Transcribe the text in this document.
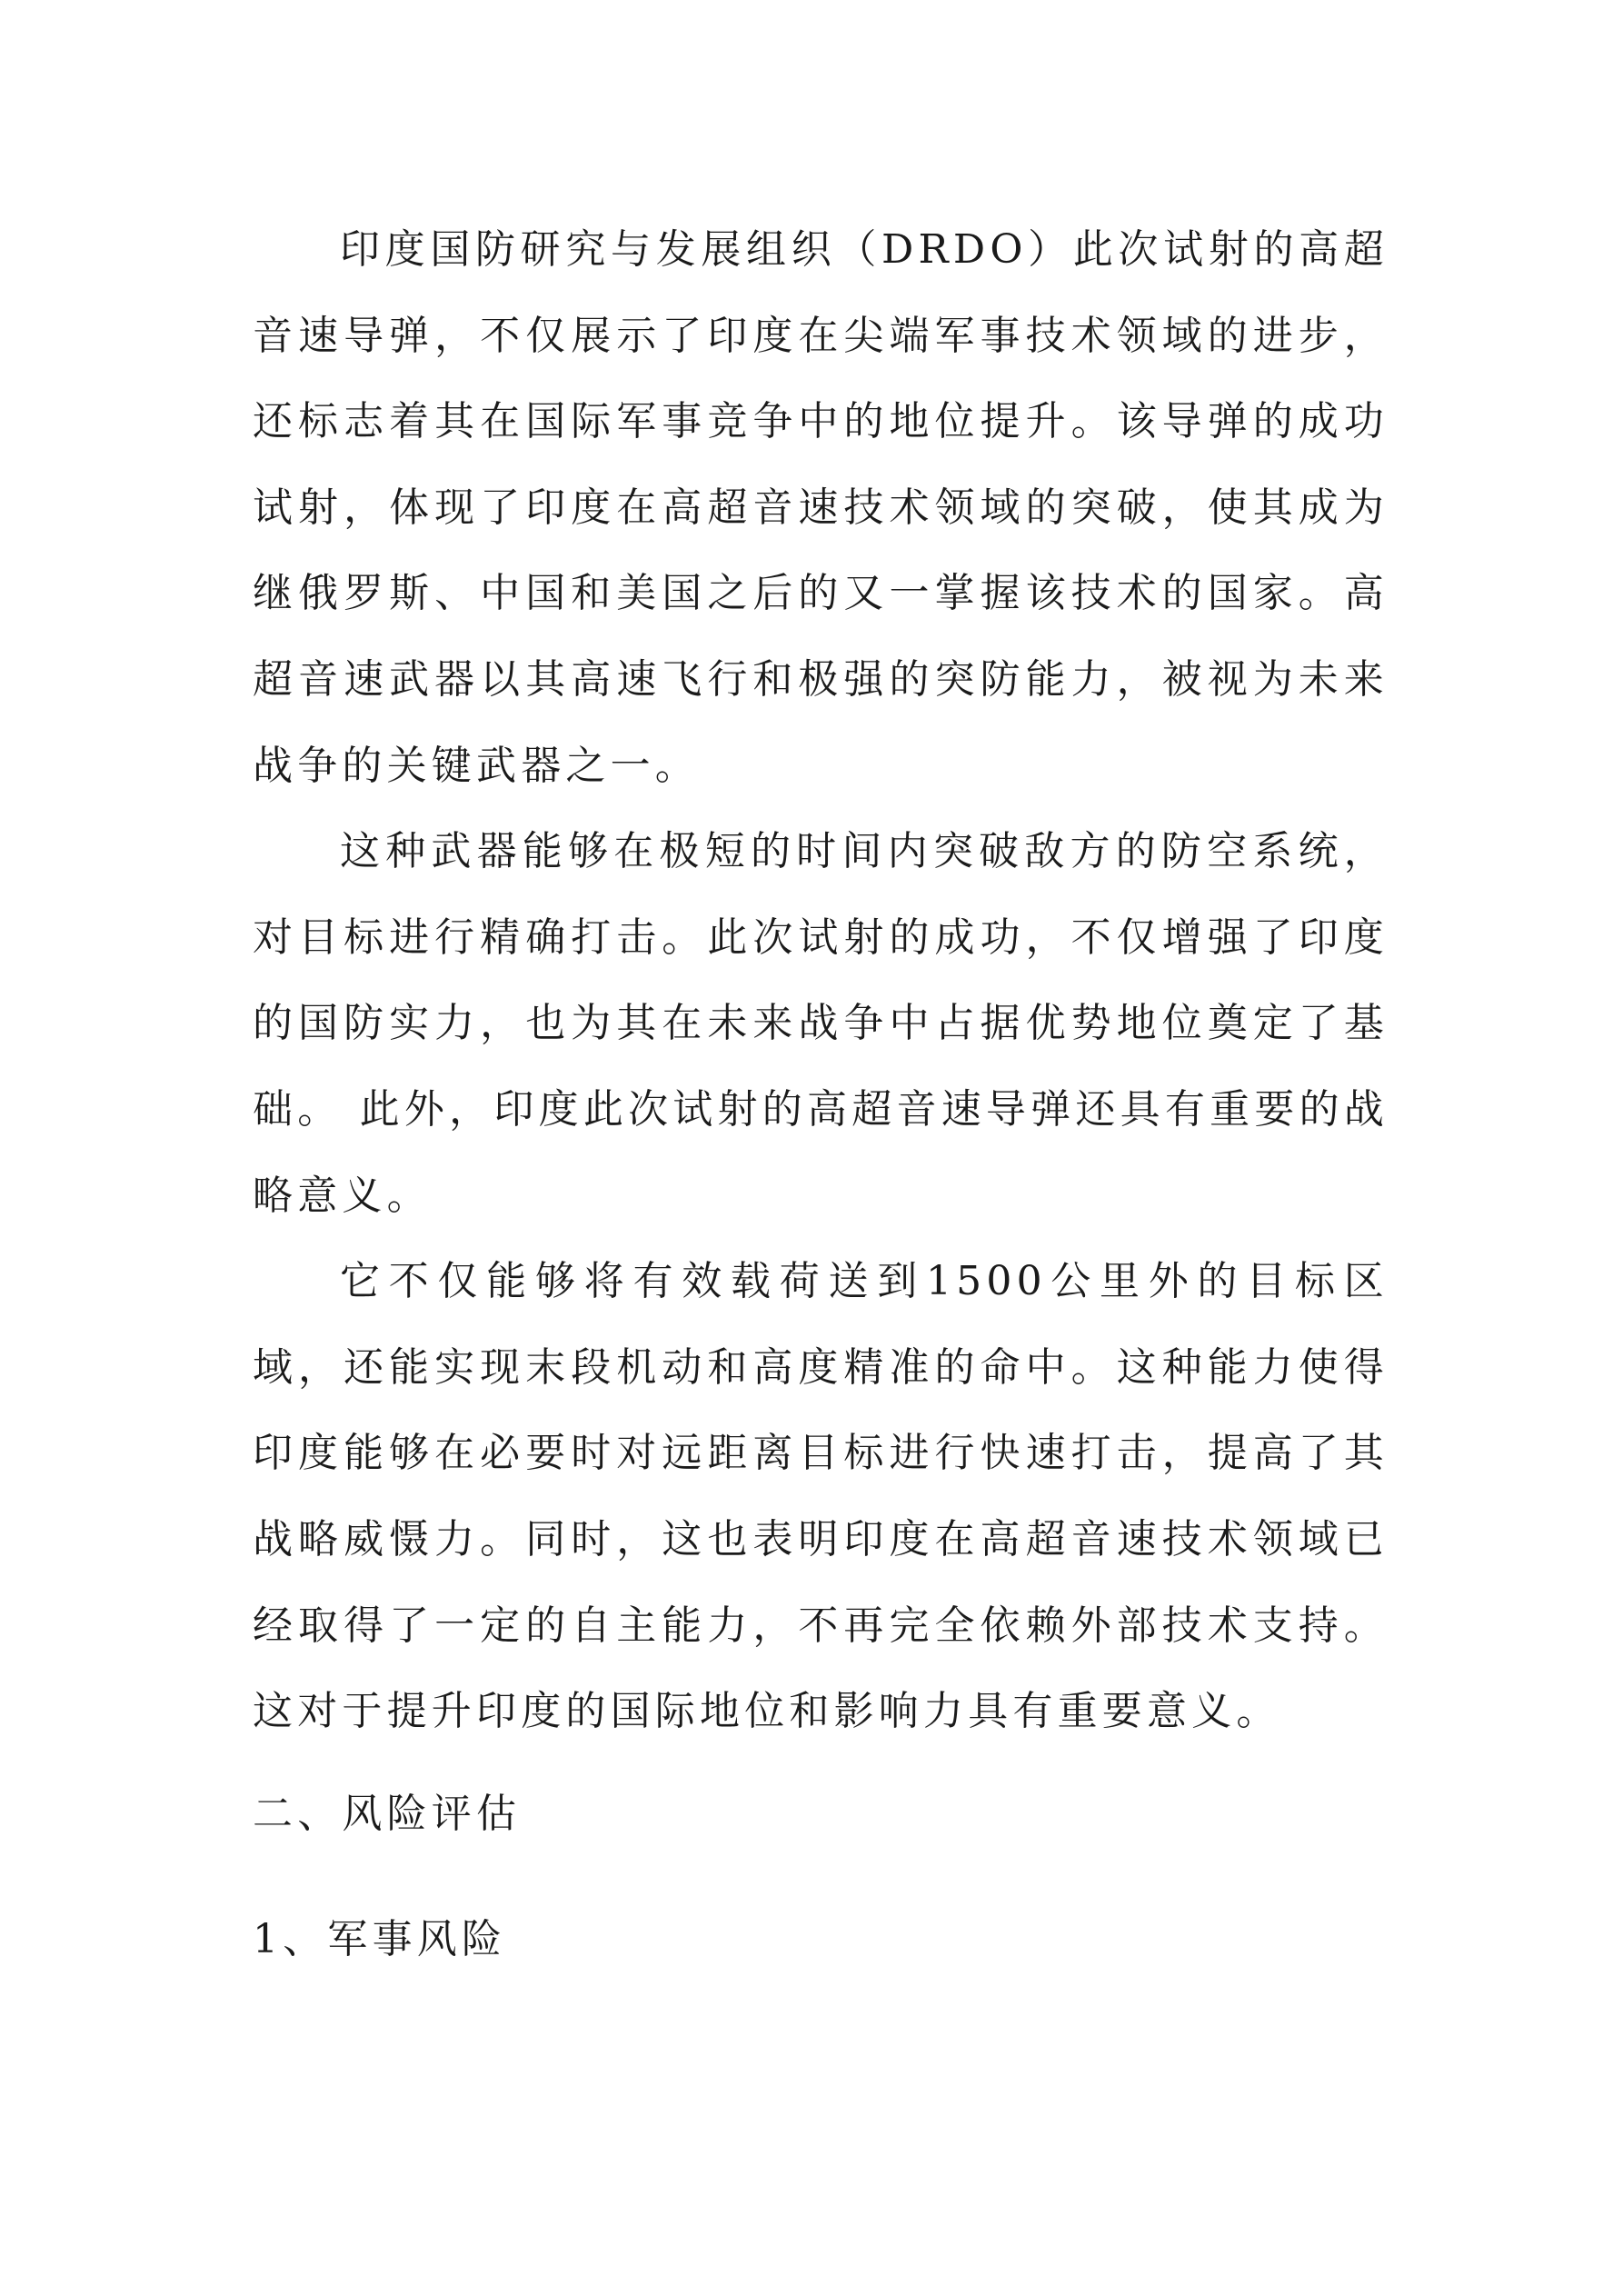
印度国防研究与发展组织（DRDO）此次试射的高超音速导弹，不仅展示了印度在尖端军事技术领域的进步，还标志着其在国际军事竞争中的地位提升。该导弹的成功试射，体现了印度在高超音速技术领域的突破，使其成为继俄罗斯、中国和美国之后的又一掌握该技术的国家。高超音速武器以其高速飞行和极强的突防能力，被视为未来战争的关键武器之一。

这种武器能够在极短的时间内突破敌方的防空系统，对目标进行精确打击。此次试射的成功，不仅增强了印度的国防实力，也为其在未来战争中占据优势地位奠定了基础。 此外，印度此次试射的高超音速导弹还具有重要的战略意义。

它不仅能够将有效载荷送到1500公里外的目标区域，还能实现末段机动和高度精准的命中。这种能力使得印度能够在必要时对远距离目标进行快速打击，提高了其战略威慑力。同时，这也表明印度在高超音速技术领域已经取得了一定的自主能力，不再完全依赖外部技术支持。这对于提升印度的国际地位和影响力具有重要意义。

二、风险评估
1、军事风险
